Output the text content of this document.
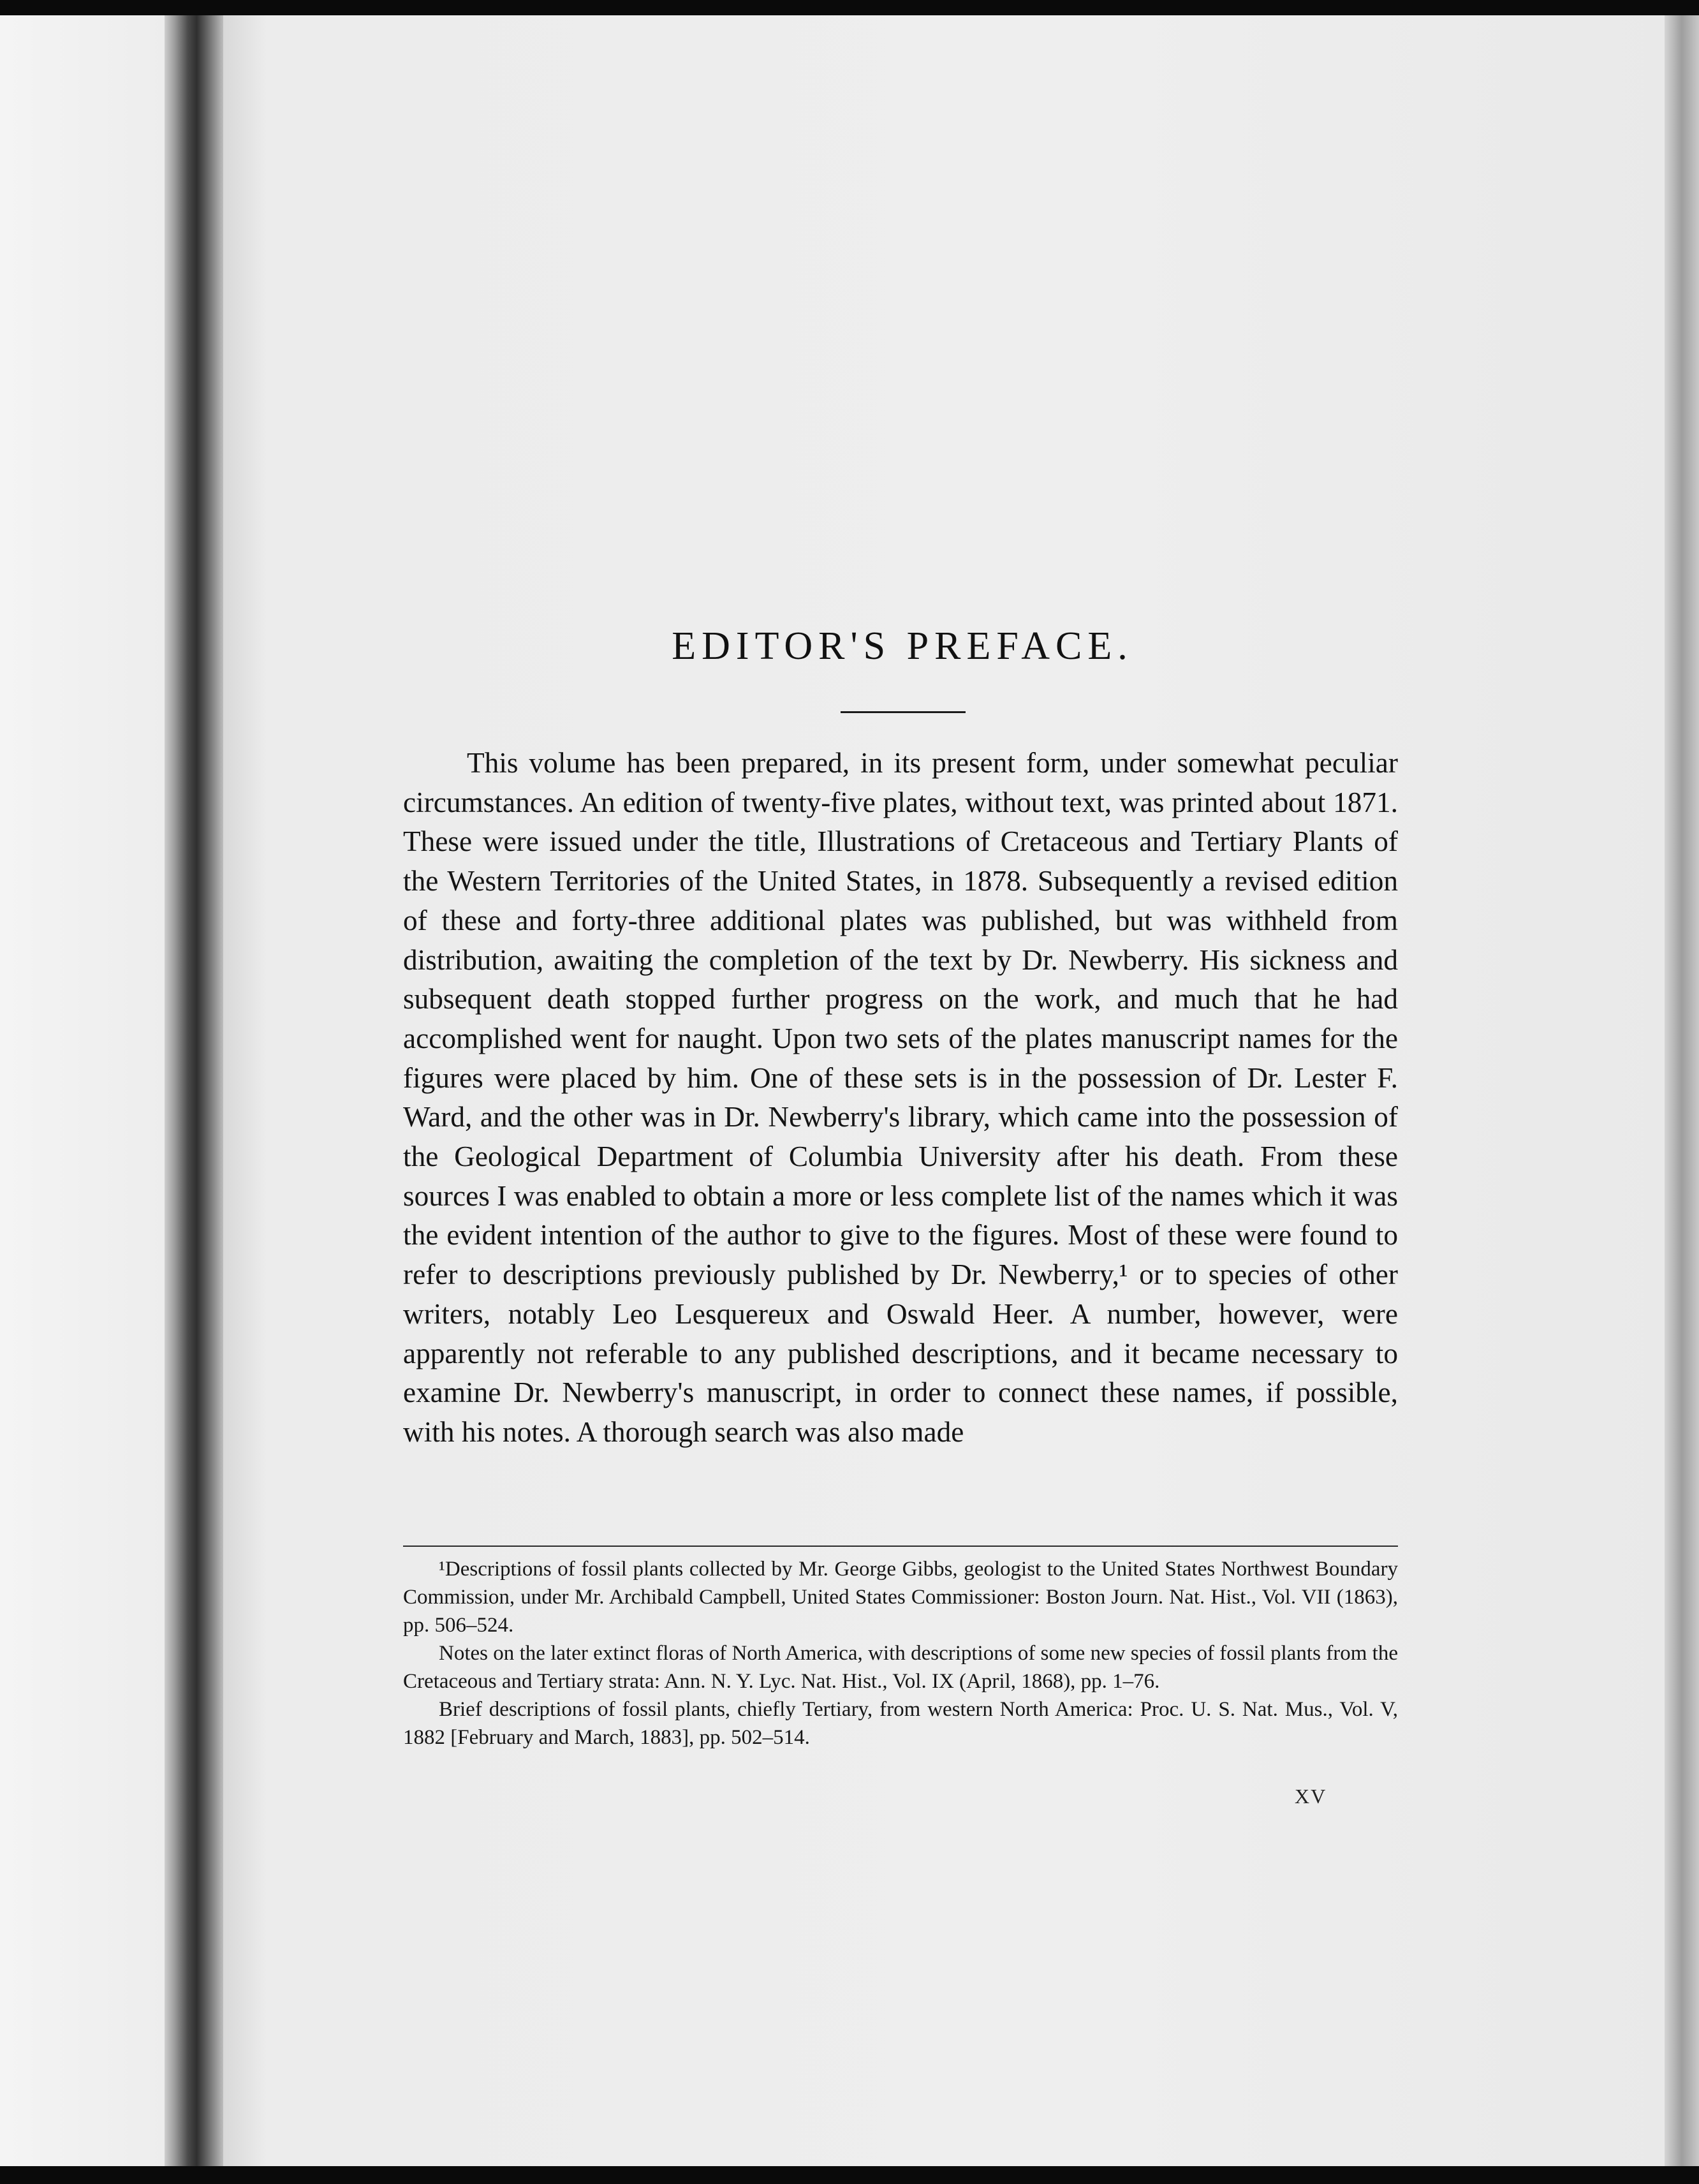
EDITOR'S PREFACE.

This volume has been prepared, in its present form, under somewhat peculiar circumstances. An edition of twenty-five plates, without text, was printed about 1871. These were issued under the title, Illustrations of Cretaceous and Tertiary Plants of the Western Territories of the United States, in 1878. Subsequently a revised edition of these and forty-three additional plates was published, but was withheld from distribution, awaiting the completion of the text by Dr. Newberry. His sickness and subsequent death stopped further progress on the work, and much that he had accomplished went for naught. Upon two sets of the plates manuscript names for the figures were placed by him. One of these sets is in the possession of Dr. Lester F. Ward, and the other was in Dr. Newberry's library, which came into the possession of the Geological Department of Columbia University after his death. From these sources I was enabled to obtain a more or less complete list of the names which it was the evident intention of the author to give to the figures. Most of these were found to refer to descriptions previously published by Dr. Newberry,¹ or to species of other writers, notably Leo Lesquereux and Oswald Heer. A number, however, were apparently not referable to any published descriptions, and it became necessary to examine Dr. Newberry's manuscript, in order to connect these names, if possible, with his notes. A thorough search was also made

¹Descriptions of fossil plants collected by Mr. George Gibbs, geologist to the United States Northwest Boundary Commission, under Mr. Archibald Campbell, United States Commissioner: Boston Journ. Nat. Hist., Vol. VII (1863), pp. 506–524.

Notes on the later extinct floras of North America, with descriptions of some new species of fossil plants from the Cretaceous and Tertiary strata: Ann. N. Y. Lyc. Nat. Hist., Vol. IX (April, 1868), pp. 1–76.

Brief descriptions of fossil plants, chiefly Tertiary, from western North America: Proc. U. S. Nat. Mus., Vol. V, 1882 [February and March, 1883], pp. 502–514.

XV
